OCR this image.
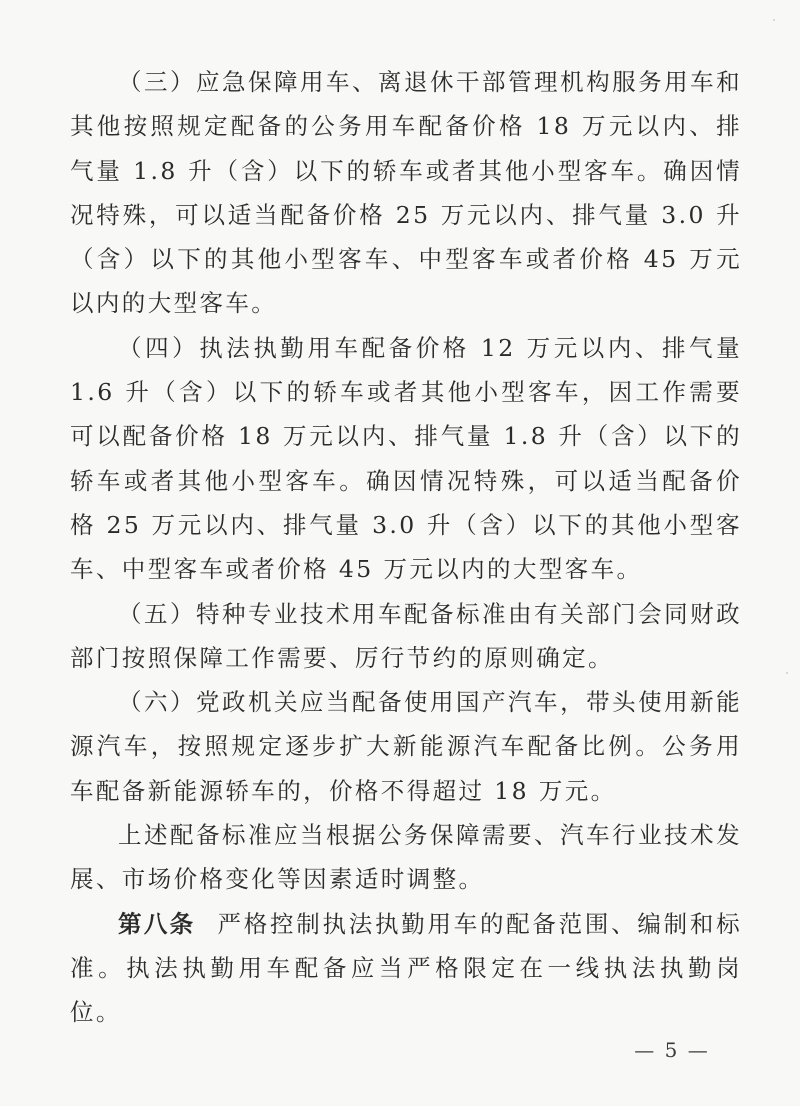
（三）应急保障用车、离退休干部管理机构服务用车和其他按照规定配备的公务用车配备价格 18 万元以内、排气量 1.8 升（含）以下的轿车或者其他小型客车。确因情况特殊，可以适当配备价格 25 万元以内、排气量 3.0 升（含）以下的其他小型客车、中型客车或者价格 45 万元以内的大型客车。

（四）执法执勤用车配备价格 12 万元以内、排气量 1.6 升（含）以下的轿车或者其他小型客车，因工作需要可以配备价格 18 万元以内、排气量 1.8 升（含）以下的轿车或者其他小型客车。确因情况特殊，可以适当配备价格 25 万元以内、排气量 3.0 升（含）以下的其他小型客车、中型客车或者价格 45 万元以内的大型客车。

（五）特种专业技术用车配备标准由有关部门会同财政部门按照保障工作需要、厉行节约的原则确定。

（六）党政机关应当配备使用国产汽车，带头使用新能源汽车，按照规定逐步扩大新能源汽车配备比例。公务用车配备新能源轿车的，价格不得超过 18 万元。

上述配备标准应当根据公务保障需要、汽车行业技术发展、市场价格变化等因素适时调整。

第八条 严格控制执法执勤用车的配备范围、编制和标准。执法执勤用车配备应当严格限定在一线执法执勤岗位。

— 5 —
